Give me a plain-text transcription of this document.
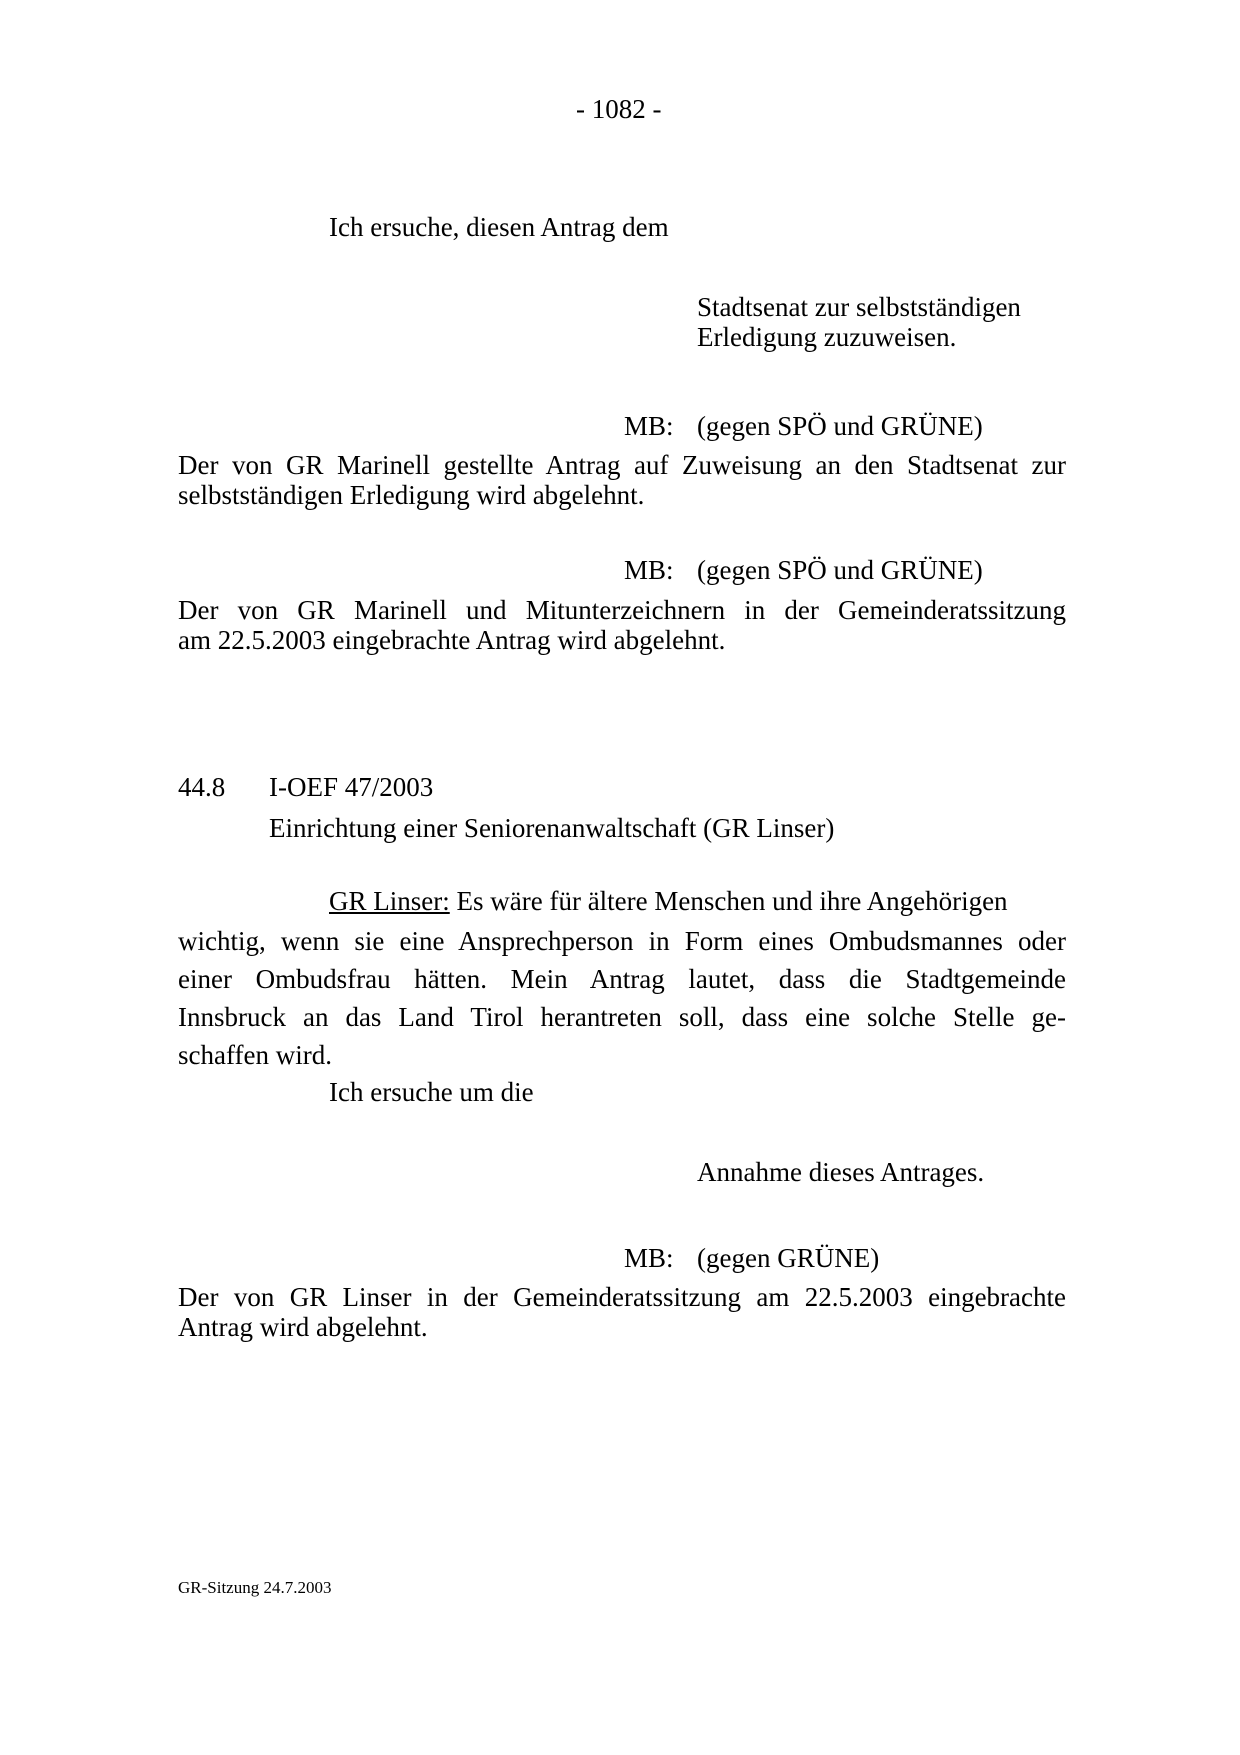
- 1082 -
Ich ersuche, diesen Antrag dem
Stadtsenat zur selbstständigen
Erledigung zuzuweisen.
MB: (gegen SPÖ und GRÜNE)
Der von GR Marinell gestellte Antrag auf Zuweisung an den Stadtsenat zur
selbstständigen Erledigung wird abgelehnt.
MB: (gegen SPÖ und GRÜNE)
Der von GR Marinell und Mitunterzeichnern in der Gemeinderatssitzung
am 22.5.2003 eingebrachte Antrag wird abgelehnt.
44.8 I-OEF 47/2003
Einrichtung einer Seniorenanwaltschaft (GR Linser)
GR Linser: Es wäre für ältere Menschen und ihre Angehörigen
wichtig, wenn sie eine Ansprechperson in Form eines Ombudsmannes oder
einer Ombudsfrau hätten. Mein Antrag lautet, dass die Stadtgemeinde
Innsbruck an das Land Tirol herantreten soll, dass eine solche Stelle ge-
schaffen wird.
Ich ersuche um die
Annahme dieses Antrages.
MB: (gegen GRÜNE)
Der von GR Linser in der Gemeinderatssitzung am 22.5.2003 eingebrachte
Antrag wird abgelehnt.
GR-Sitzung 24.7.2003
